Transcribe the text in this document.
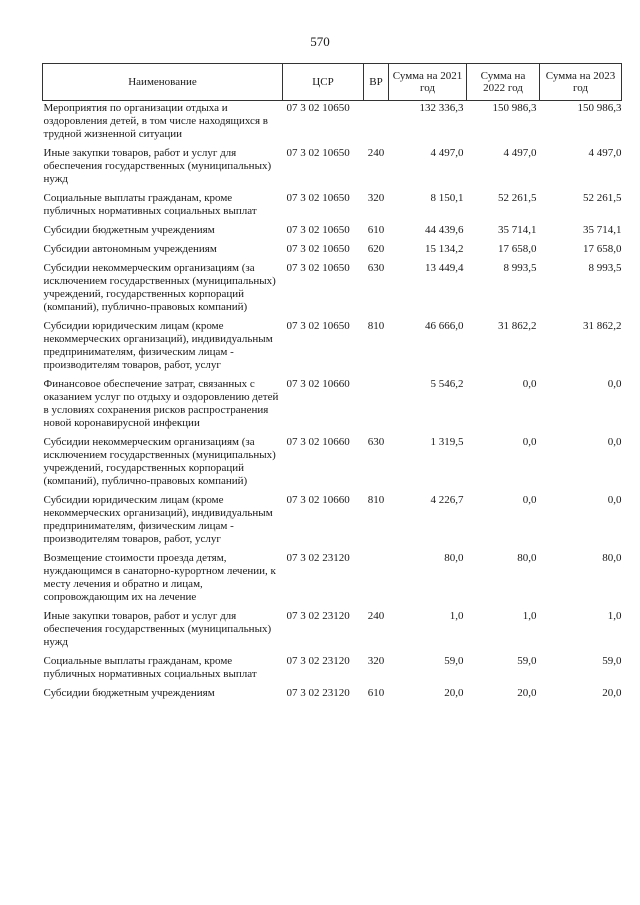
570
Наименование	ЦСР	ВР	Сумма на 2021 год	Сумма на 2022 год	Сумма на 2023 год
Мероприятия по организации отдыха и оздоровления детей, в том числе находящихся в трудной жизненной ситуации	07 3 02 10650		132 336,3	150 986,3	150 986,3
Иные закупки товаров, работ и услуг для обеспечения государственных (муниципальных) нужд	07 3 02 10650	240	4 497,0	4 497,0	4 497,0
Социальные выплаты гражданам, кроме публичных нормативных социальных выплат	07 3 02 10650	320	8 150,1	52 261,5	52 261,5
Субсидии бюджетным учреждениям	07 3 02 10650	610	44 439,6	35 714,1	35 714,1
Субсидии автономным учреждениям	07 3 02 10650	620	15 134,2	17 658,0	17 658,0
Субсидии некоммерческим организациям (за исключением государственных (муниципальных) учреждений, государственных корпораций (компаний), публично-правовых компаний)	07 3 02 10650	630	13 449,4	8 993,5	8 993,5
Субсидии юридическим лицам (кроме некоммерческих организаций), индивидуальным предпринимателям, физическим лицам - производителям товаров, работ, услуг	07 3 02 10650	810	46 666,0	31 862,2	31 862,2
Финансовое обеспечение затрат, связанных с оказанием услуг по отдыху и оздоровлению детей в условиях сохранения рисков распространения новой коронавирусной инфекции	07 3 02 10660		5 546,2	0,0	0,0
Субсидии некоммерческим организациям (за исключением государственных (муниципальных) учреждений, государственных корпораций (компаний), публично-правовых компаний)	07 3 02 10660	630	1 319,5	0,0	0,0
Субсидии юридическим лицам (кроме некоммерческих организаций), индивидуальным предпринимателям, физическим лицам - производителям товаров, работ, услуг	07 3 02 10660	810	4 226,7	0,0	0,0
Возмещение стоимости проезда детям, нуждающимся в санаторно-курортном лечении, к месту лечения и обратно и лицам, сопровождающим их на лечение	07 3 02 23120		80,0	80,0	80,0
Иные закупки товаров, работ и услуг для обеспечения государственных (муниципальных) нужд	07 3 02 23120	240	1,0	1,0	1,0
Социальные выплаты гражданам, кроме публичных нормативных социальных выплат	07 3 02 23120	320	59,0	59,0	59,0
Субсидии бюджетным учреждениям	07 3 02 23120	610	20,0	20,0	20,0
